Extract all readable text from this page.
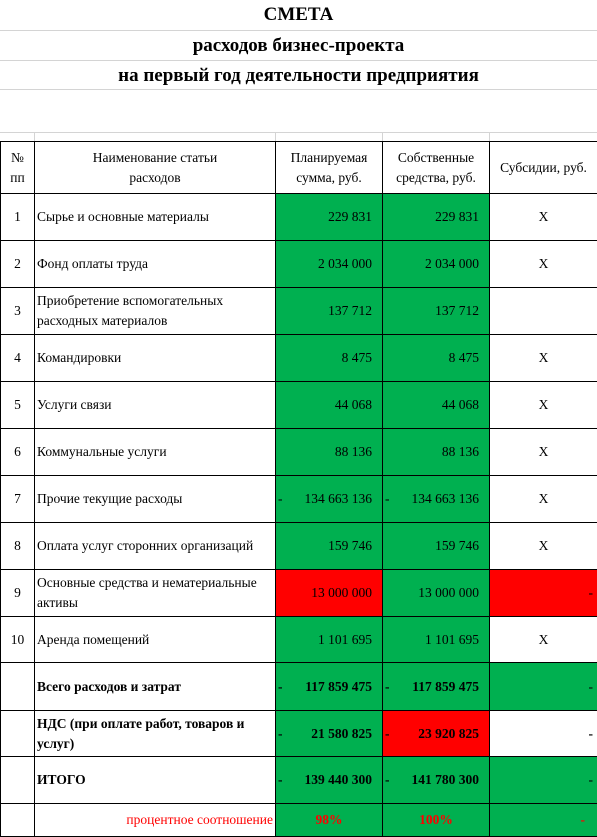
СМЕТА
расходов бизнес-проекта
на первый год деятельности предприятия
№ пп	Наименование статьи расходов	Планируемая сумма, руб.	Собственные средства, руб.	Субсидии, руб.
1	Сырье и основные материалы	229 831	229 831	Х
2	Фонд оплаты труда	2 034 000	2 034 000	Х
3	Приобретение вспомогательных расходных материалов	137 712	137 712	
4	Командировки	8 475	8 475	Х
5	Услуги связи	44 068	44 068	Х
6	Коммунальные услуги	88 136	88 136	Х
7	Прочие текущие расходы	- 134 663 136	- 134 663 136	Х
8	Оплата услуг сторонних организаций	159 746	159 746	Х
9	Основные средства и нематериальные активы	13 000 000	13 000 000	-
10	Аренда помещений	1 101 695	1 101 695	Х
	Всего расходов и затрат	- 117 859 475	- 117 859 475	-
	НДС (при оплате работ, товаров и услуг)	- 21 580 825	- 23 920 825	-
	ИТОГО	- 139 440 300	- 141 780 300	-
	процентное соотношение	98%	100%	-
